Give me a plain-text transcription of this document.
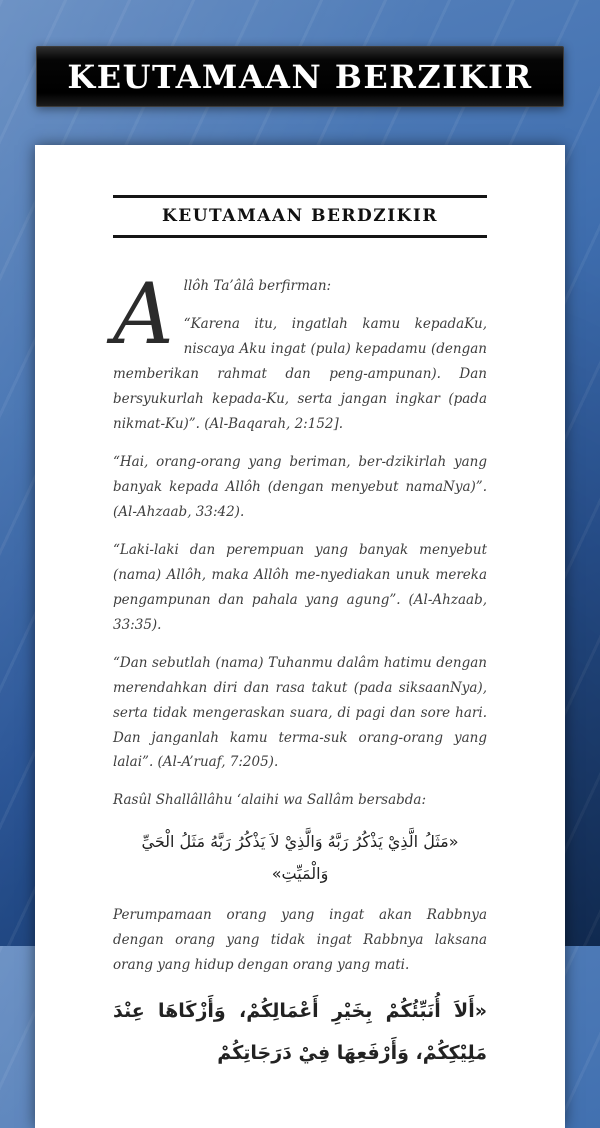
KEUTAMAAN BERZIKIR
KEUTAMAAN BERDZIKIR
A llôh Ta’âlâ berfirman:

“Karena itu, ingatlah kamu kepadaKu, niscaya Aku ingat (pula) kepadamu (dengan memberikan rahmat dan peng-ampunan). Dan bersyukurlah kepada-Ku, serta jangan ingkar (pada nikmat-Ku)”. (Al-Baqarah, 2:152].

“Hai, orang-orang yang beriman, ber-dzikirlah yang banyak kepada Allôh (dengan menyebut namaNya)”. (Al-Ahzaab, 33:42).

“Laki-laki dan perempuan yang banyak menyebut (nama) Allôh, maka Allôh me-nyediakan unuk mereka pengampunan dan pahala yang agung”. (Al-Ahzaab, 33:35).

“Dan sebutlah (nama) Tuhanmu dalâm hatimu dengan merendahkan diri dan rasa takut (pada siksaanNya), serta tidak mengeraskan suara, di pagi dan sore hari. Dan janganlah kamu terma-suk orang-orang yang lalai”. (Al-A’ruaf, 7:205).

Rasûl Shallâllâhu ‘alaihi wa Sallâm bersabda:

«مَثَلُ الَّذِيْ يَذْكُرُ رَبَّهُ وَالَّذِيْ لاَ يَذْكُرُ رَبَّهُ مَثَلُ الْحَيِّ وَالْمَيِّتِ»

Perumpamaan orang yang ingat akan Rabbnya dengan orang yang tidak ingat Rabbnya laksana orang yang hidup dengan orang yang mati.

«أَلاَ أُنَبِّئُكُمْ بِخَيْرِ أَعْمَالِكُمْ، وَأَزْكَاهَا عِنْدَ مَلِيْكِكُمْ، وَأَرْفَعِهَا فِيْ دَرَجَاتِكُمْ
